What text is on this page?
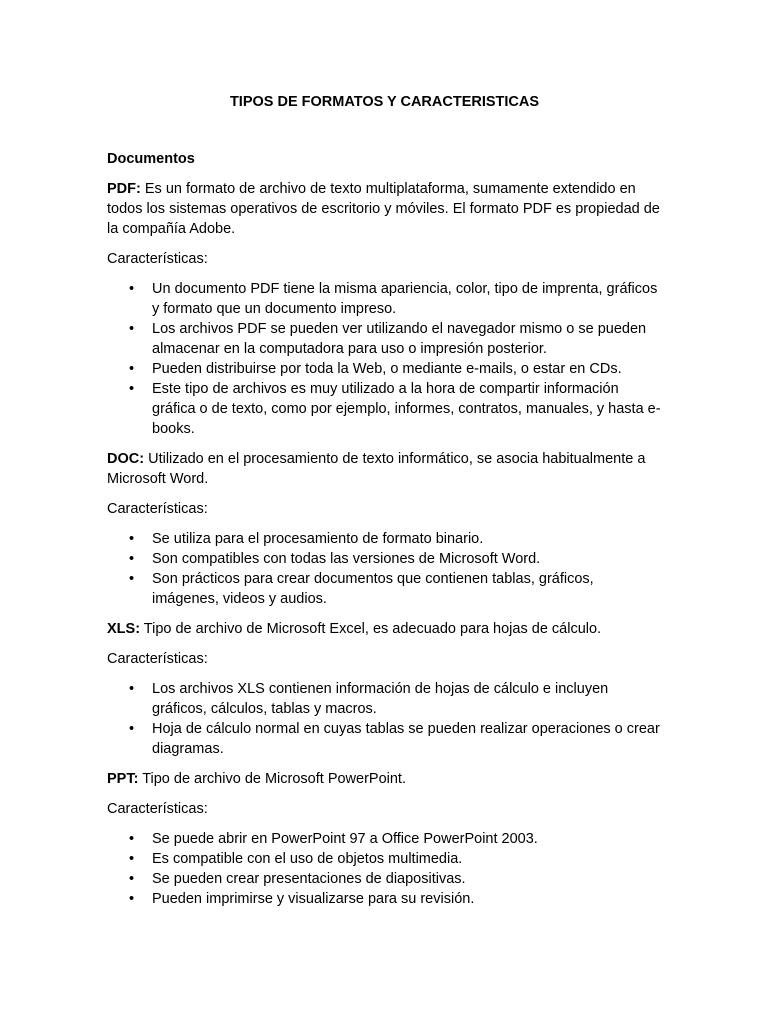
TIPOS DE FORMATOS Y CARACTERISTICAS

Documentos

PDF: Es un formato de archivo de texto multiplataforma, sumamente extendido en todos los sistemas operativos de escritorio y móviles. El formato PDF es propiedad de la compañía Adobe.

Características:

•	Un documento PDF tiene la misma apariencia, color, tipo de imprenta, gráficos y formato que un documento impreso.
•	Los archivos PDF se pueden ver utilizando el navegador mismo o se pueden almacenar en la computadora para uso o impresión posterior.
•	Pueden distribuirse por toda la Web, o mediante e-mails, o estar en CDs.
•	Este tipo de archivos es muy utilizado a la hora de compartir información gráfica o de texto, como por ejemplo, informes, contratos, manuales, y hasta e-books.

DOC: Utilizado en el procesamiento de texto informático, se asocia habitualmente a Microsoft Word.

Características:

•	Se utiliza para el procesamiento de formato binario.
•	Son compatibles con todas las versiones de Microsoft Word.
•	Son prácticos para crear documentos que contienen tablas, gráficos, imágenes, videos y audios.

XLS: Tipo de archivo de Microsoft Excel, es adecuado para hojas de cálculo.

Características:

•	Los archivos XLS contienen información de hojas de cálculo e incluyen gráficos, cálculos, tablas y macros.
•	Hoja de cálculo normal en cuyas tablas se pueden realizar operaciones o crear diagramas.

PPT: Tipo de archivo de Microsoft PowerPoint.

Características:

•	Se puede abrir en PowerPoint 97 a Office PowerPoint 2003.
•	Es compatible con el uso de objetos multimedia.
•	Se pueden crear presentaciones de diapositivas.
•	Pueden imprimirse y visualizarse para su revisión.
